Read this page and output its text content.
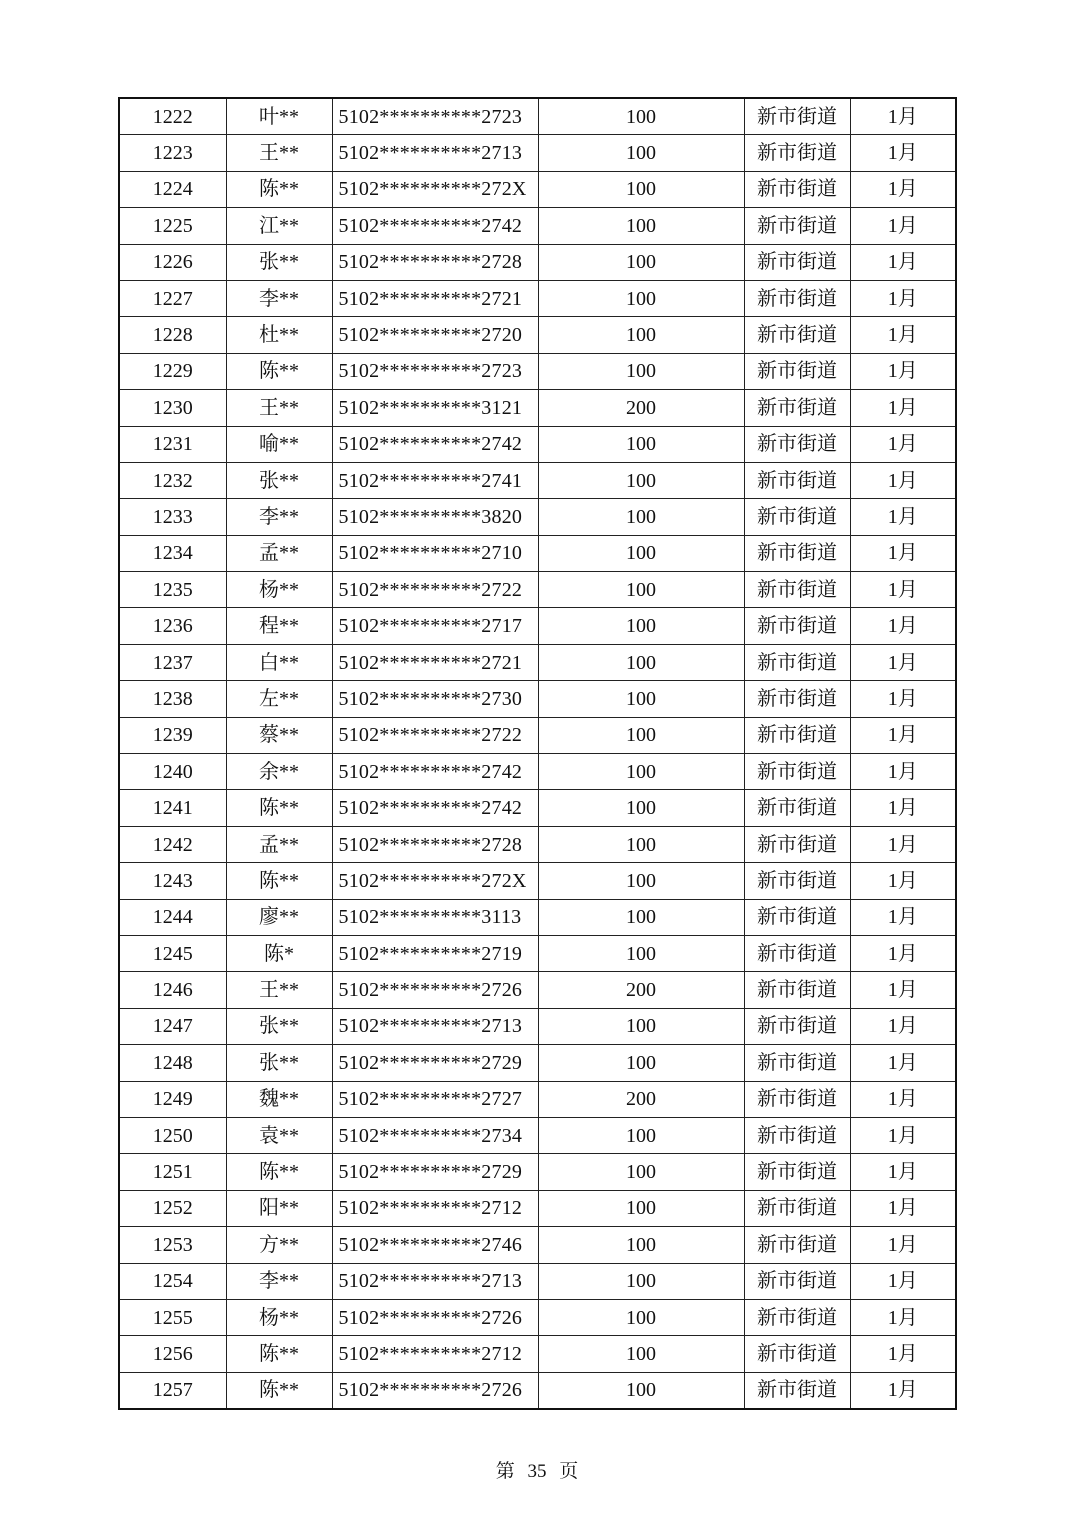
1222	叶**	5102**********2723	100	新市街道	1月
1223	王**	5102**********2713	100	新市街道	1月
1224	陈**	5102**********272X	100	新市街道	1月
1225	江**	5102**********2742	100	新市街道	1月
1226	张**	5102**********2728	100	新市街道	1月
1227	李**	5102**********2721	100	新市街道	1月
1228	杜**	5102**********2720	100	新市街道	1月
1229	陈**	5102**********2723	100	新市街道	1月
1230	王**	5102**********3121	200	新市街道	1月
1231	喻**	5102**********2742	100	新市街道	1月
1232	张**	5102**********2741	100	新市街道	1月
1233	李**	5102**********3820	100	新市街道	1月
1234	孟**	5102**********2710	100	新市街道	1月
1235	杨**	5102**********2722	100	新市街道	1月
1236	程**	5102**********2717	100	新市街道	1月
1237	白**	5102**********2721	100	新市街道	1月
1238	左**	5102**********2730	100	新市街道	1月
1239	蔡**	5102**********2722	100	新市街道	1月
1240	余**	5102**********2742	100	新市街道	1月
1241	陈**	5102**********2742	100	新市街道	1月
1242	孟**	5102**********2728	100	新市街道	1月
1243	陈**	5102**********272X	100	新市街道	1月
1244	廖**	5102**********3113	100	新市街道	1月
1245	陈*	5102**********2719	100	新市街道	1月
1246	王**	5102**********2726	200	新市街道	1月
1247	张**	5102**********2713	100	新市街道	1月
1248	张**	5102**********2729	100	新市街道	1月
1249	魏**	5102**********2727	200	新市街道	1月
1250	袁**	5102**********2734	100	新市街道	1月
1251	陈**	5102**********2729	100	新市街道	1月
1252	阳**	5102**********2712	100	新市街道	1月
1253	方**	5102**********2746	100	新市街道	1月
1254	李**	5102**********2713	100	新市街道	1月
1255	杨**	5102**********2726	100	新市街道	1月
1256	陈**	5102**********2712	100	新市街道	1月
1257	陈**	5102**********2726	100	新市街道	1月
第 35 页
